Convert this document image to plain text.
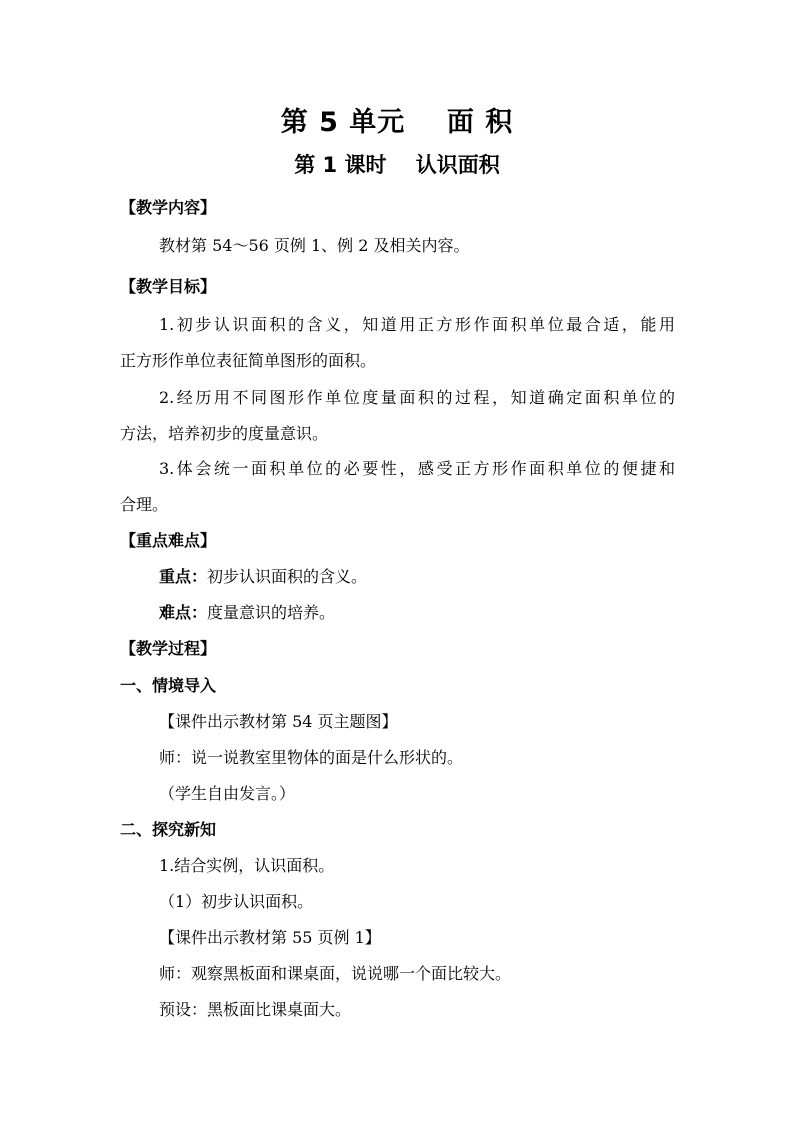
第 5 单元    面 积
第 1 课时    认识面积
【教学内容】
教材第 54～56 页例 1、例 2 及相关内容。
【教学目标】
1.初步认识面积的含义，知道用正方形作面积单位最合适，能用
正方形作单位表征简单图形的面积。
2.经历用不同图形作单位度量面积的过程，知道确定面积单位的
方法，培养初步的度量意识。
3.体会统一面积单位的必要性，感受正方形作面积单位的便捷和
合理。
【重点难点】
重点：初步认识面积的含义。
难点：度量意识的培养。
【教学过程】
一、情境导入
【课件出示教材第 54 页主题图】
师：说一说教室里物体的面是什么形状的。
（学生自由发言。）
二、探究新知
1.结合实例，认识面积。
（1）初步认识面积。
【课件出示教材第 55 页例 1】
师：观察黑板面和课桌面，说说哪一个面比较大。
预设：黑板面比课桌面大。
